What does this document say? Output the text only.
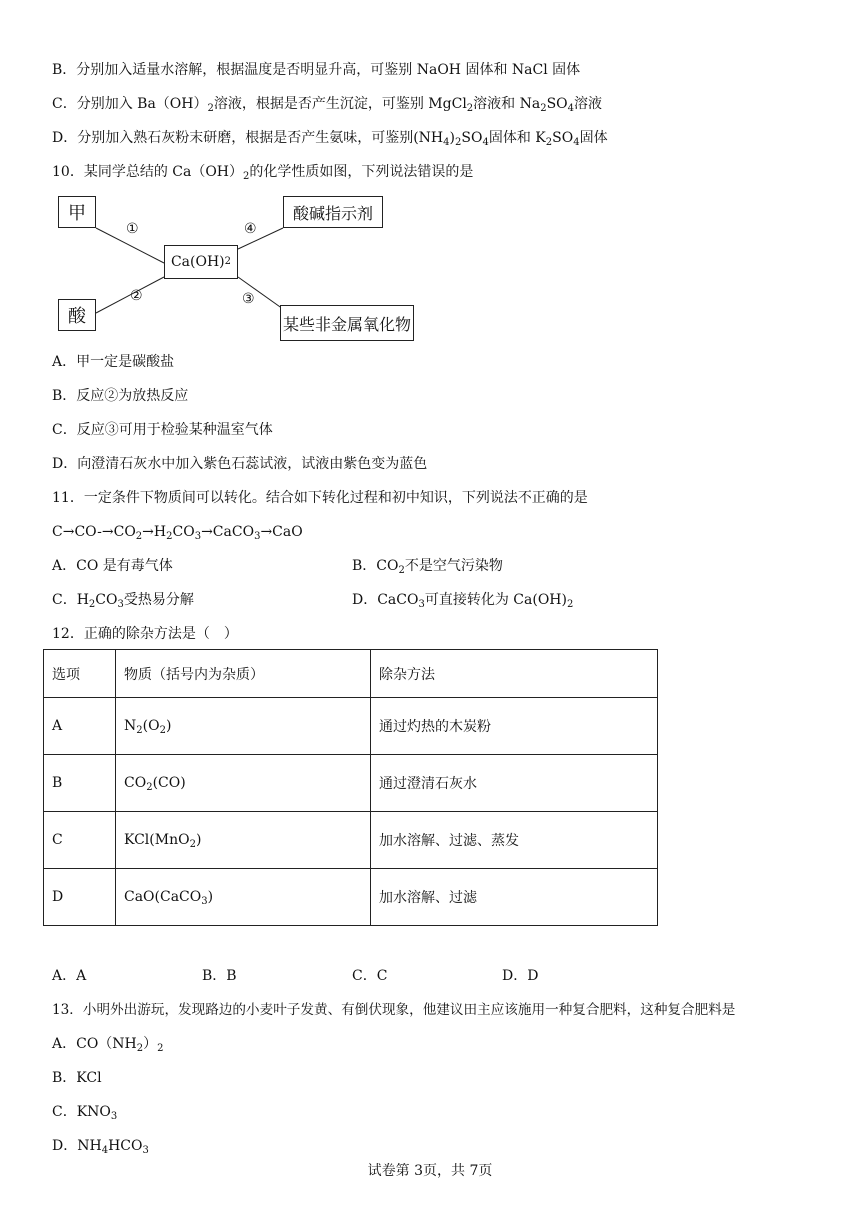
B．分别加入适量水溶解，根据温度是否明显升高，可鉴别 NaOH 固体和 NaCl 固体
C．分别加入 $Ba(OH)_2$溶液，根据是否产生沉淀，可鉴别 MgCl$_2$溶液和 $Na_2SO_4$溶液
D．分别加入熟石灰粉末研磨，根据是否产生氨味，可鉴别$(NH_4)_2SO_4$固体和 $K_2SO_4$固体
10．某同学总结的 $Ca(OH)_2$的化学性质如图，下列说法错误的是
甲
酸
Ca(OH) 2
酸碱指示剂
某些非金属氧化物
①
②	③
④
A．甲一定是碳酸盐
B．反应②为放热反应
C．反应③可用于检验某种温室气体
D．向澄清石灰水中加入紫色石蕊试液，试液由紫色变为蓝色
11．一定条件下物质间可以转化。结合如下转化过程和初中知识，下列说法不正确的是
$C\to CO-\to CO_2\to H_2CO_3\to CaCO_3\to CaO$
A．CO 是有毒气体	B．$CO_2$不是空气污染物
C．$H_2CO_3$受热易分解	D．CaCO$_3$可直接转化为 $Ca(OH)_2$
12．正确的除杂方法是（　）
选项	物质（括号内为杂质）	除杂方法
A	$N_2(O_2)$	通过灼热的木炭粉
B	$CO_2(CO)$	通过澄清石灰水
C	KCl(MnO$_2$)	加水溶解、过滤、蒸发
D	CaO(CaCO$_3$)	加水溶解、过滤
A．A	B．B	C．C	D．D
13．小明外出游玩，发现路边的小麦叶子发黄、有倒伏现象，他建议田主应该施用一种复合肥料，这种复合肥料是
A．$CO(NH_2)_2$
B．KCl
C．$KNO_3$
D．$NH_4HCO_3$
试卷第 3页，共 7页
